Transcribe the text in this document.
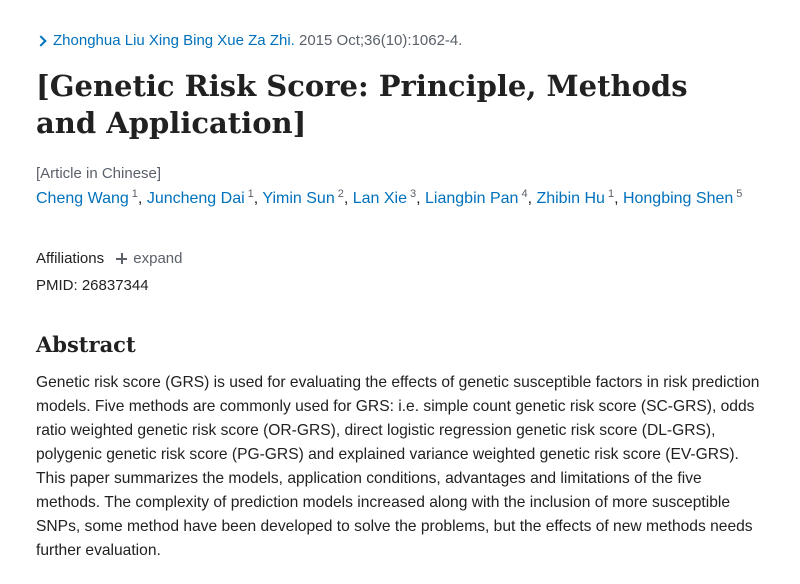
Zhonghua Liu Xing Bing Xue Za Zhi. 2015 Oct;36(10):1062-4.
[Genetic Risk Score: Principle, Methods and Application]
[Article in Chinese]
Cheng Wang $^1$, Juncheng Dai $^1$, Yimin Sun $^2$, Lan Xie $^3$, Liangbin Pan $^4$, Zhibin Hu $^1$, Hongbing Shen $^5$
Affiliations expand
PMID: 26837344
Abstract

Genetic risk score (GRS) is used for evaluating the effects of genetic susceptible factors in risk prediction models. Five methods are commonly used for GRS: i.e. simple count genetic risk score (SC-GRS), odds ratio weighted genetic risk score (OR-GRS), direct logistic regression genetic risk score (DL-GRS), polygenic genetic risk score (PG-GRS) and explained variance weighted genetic risk score (EV-GRS). This paper summarizes the models, application conditions, advantages and limitations of the five methods. The complexity of prediction models increased along with the inclusion of more susceptible SNPs, some method have been developed to solve the problems, but the effects of new methods needs further evaluation.
